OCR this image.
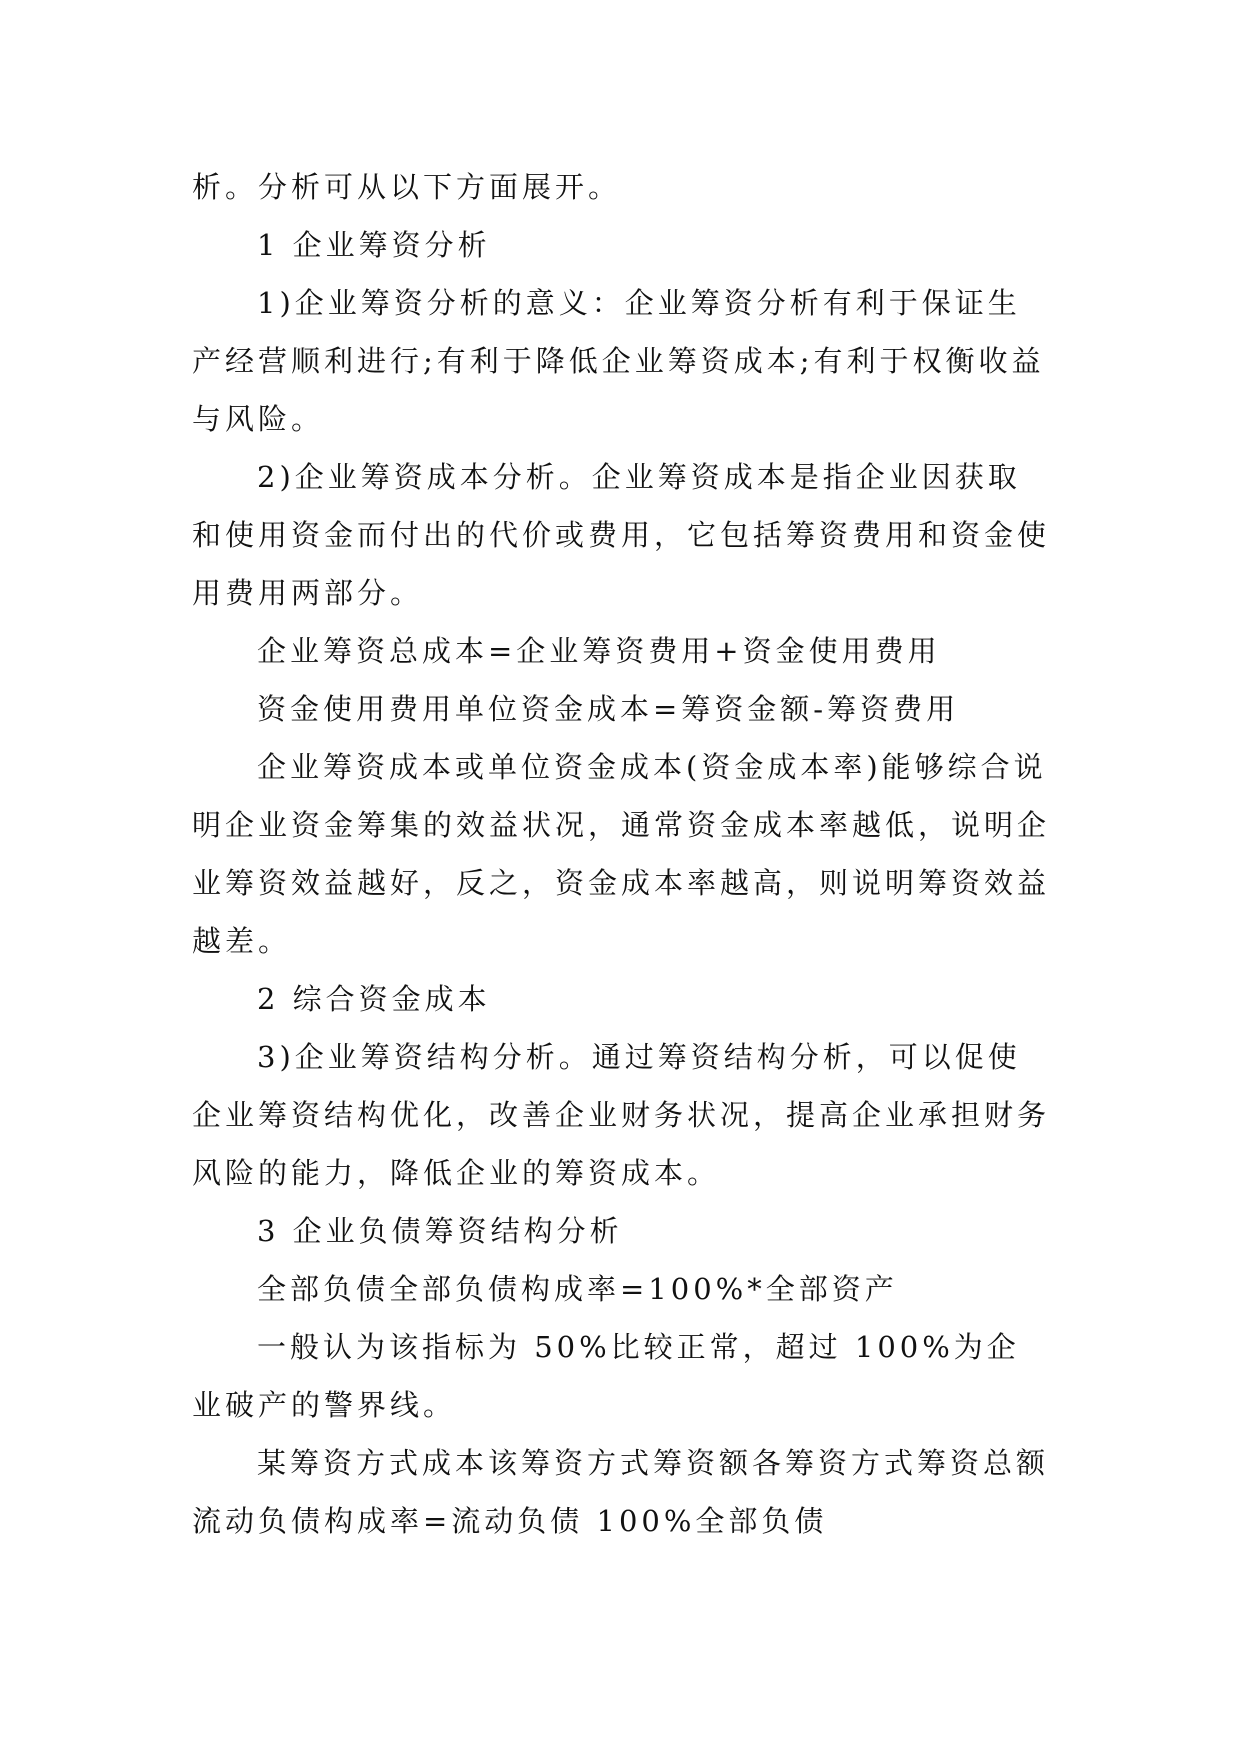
析。分析可从以下方面展开。

1 企业筹资分析

1)企业筹资分析的意义：企业筹资分析有利于保证生产经营顺利进行;有利于降低企业筹资成本;有利于权衡收益与风险。

2)企业筹资成本分析。企业筹资成本是指企业因获取和使用资金而付出的代价或费用，它包括筹资费用和资金使用费用两部分。

企业筹资总成本=企业筹资费用+资金使用费用

资金使用费用单位资金成本=筹资金额-筹资费用

企业筹资成本或单位资金成本(资金成本率)能够综合说明企业资金筹集的效益状况，通常资金成本率越低，说明企业筹资效益越好，反之，资金成本率越高，则说明筹资效益越差。

2 综合资金成本

3)企业筹资结构分析。通过筹资结构分析，可以促使企业筹资结构优化，改善企业财务状况，提高企业承担财务风险的能力，降低企业的筹资成本。

3 企业负债筹资结构分析

全部负债全部负债构成率=100%*全部资产

一般认为该指标为 50%比较正常，超过 100%为企业破产的警界线。

某筹资方式成本该筹资方式筹资额各筹资方式筹资总额流动负债构成率=流动负债 100%全部负债
